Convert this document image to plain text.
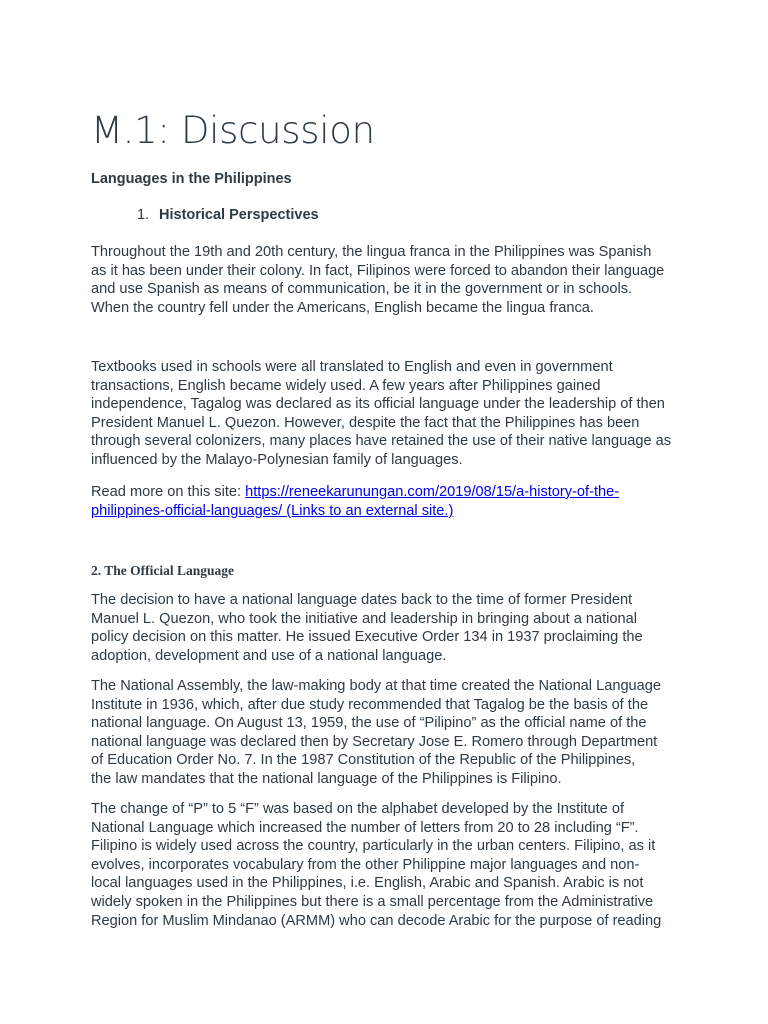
M.1: Discussion
Languages in the Philippines
1. Historical Perspectives

Throughout the 19th and 20th century, the lingua franca in the Philippines was Spanish
as it has been under their colony. In fact, Filipinos were forced to abandon their language
and use Spanish as means of communication, be it in the government or in schools.
When the country fell under the Americans, English became the lingua franca.

Textbooks used in schools were all translated to English and even in government
transactions, English became widely used. A few years after Philippines gained
independence, Tagalog was declared as its official language under the leadership of then
President Manuel L. Quezon. However, despite the fact that the Philippines has been
through several colonizers, many places have retained the use of their native language as
influenced by the Malayo-Polynesian family of languages.

Read more on this site: https://reneekarunungan.com/2019/08/15/a-history-of-the-
philippines-official-languages/ (Links to an external site.)

2. The Official Language

The decision to have a national language dates back to the time of former President
Manuel L. Quezon, who took the initiative and leadership in bringing about a national
policy decision on this matter. He issued Executive Order 134 in 1937 proclaiming the
adoption, development and use of a national language.

The National Assembly, the law-making body at that time created the National Language
Institute in 1936, which, after due study recommended that Tagalog be the basis of the
national language. On August 13, 1959, the use of “Pilipino” as the official name of the
national language was declared then by Secretary Jose E. Romero through Department
of Education Order No. 7. In the 1987 Constitution of the Republic of the Philippines,
the law mandates that the national language of the Philippines is Filipino.

The change of “P” to 5 “F” was based on the alphabet developed by the Institute of
National Language which increased the number of letters from 20 to 28 including “F”.
Filipino is widely used across the country, particularly in the urban centers. Filipino, as it
evolves, incorporates vocabulary from the other Philippine major languages and non-
local languages used in the Philippines, i.e. English, Arabic and Spanish. Arabic is not
widely spoken in the Philippines but there is a small percentage from the Administrative
Region for Muslim Mindanao (ARMM) who can decode Arabic for the purpose of reading
